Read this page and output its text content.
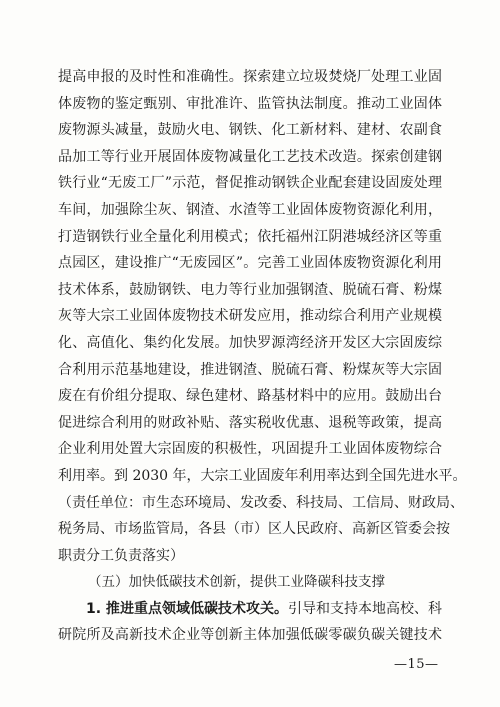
提高申报的及时性和准确性。探索建立垃圾焚烧厂处理工业固
体废物的鉴定甄别、审批准许、监管执法制度。推动工业固体
废物源头减量，鼓励火电、钢铁、化工新材料、建材、农副食
品加工等行业开展固体废物减量化工艺技术改造。探索创建钢
铁行业“无废工厂”示范，督促推动钢铁企业配套建设固废处理
车间，加强除尘灰、钢渣、水渣等工业固体废物资源化利用，
打造钢铁行业全量化利用模式；依托福州江阴港城经济区等重
点园区，建设推广“无废园区”。完善工业固体废物资源化利用
技术体系，鼓励钢铁、电力等行业加强钢渣、脱硫石膏、粉煤
灰等大宗工业固体废物技术研发应用，推动综合利用产业规模
化、高值化、集约化发展。加快罗源湾经济开发区大宗固废综
合利用示范基地建设，推进钢渣、脱硫石膏、粉煤灰等大宗固
废在有价组分提取、绿色建材、路基材料中的应用。鼓励出台
促进综合利用的财政补贴、落实税收优惠、退税等政策，提高
企业利用处置大宗固废的积极性，巩固提升工业固体废物综合
利用率。到 2030 年，大宗工业固废年利用率达到全国先进水平。
（责任单位：市生态环境局、发改委、科技局、工信局、财政局、
税务局、市场监管局，各县（市）区人民政府、高新区管委会按
职责分工负责落实）
（五）加快低碳技术创新，提供工业降碳科技支撑
1. 推进重点领域低碳技术攻关。引导和支持本地高校、科
研院所及高新技术企业等创新主体加强低碳零碳负碳关键技术
—15—
